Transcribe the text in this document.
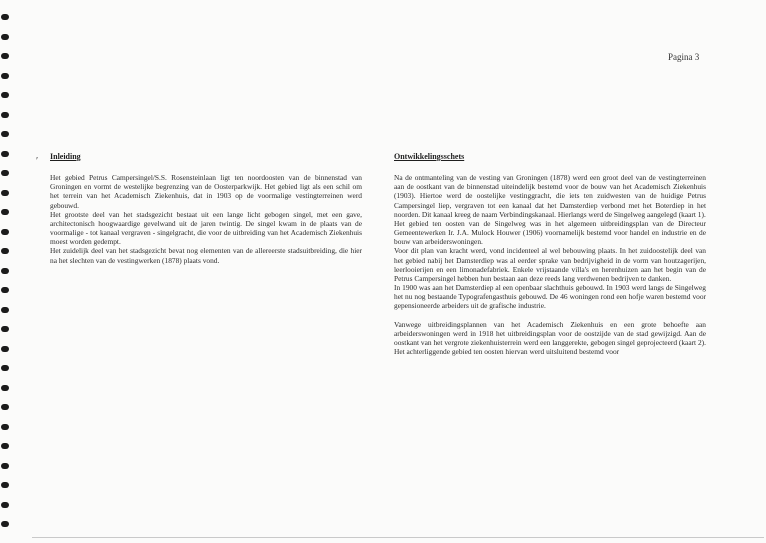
Pagina 3
ʹ Inleiding

Het gebied Petrus Campersingel/S.S. Rosensteinlaan ligt ten noordoosten van de binnenstad van Groningen en vormt de westelijke begrenzing van de Oosterparkwijk. Het gebied ligt als een schil om het terrein van het Academisch Ziekenhuis, dat in 1903 op de voormalige vestingterreinen werd gebouwd.

Het grootste deel van het stadsgezicht bestaat uit een lange licht gebogen singel, met een gave, architectonisch hoogwaardige gevelwand uit de jaren twintig. De singel kwam in de plaats van de voormalige - tot kanaal vergraven - singelgracht, die voor de uitbreiding van het Academisch Ziekenhuis moest worden gedempt.

Het zuidelijk deel van het stadsgezicht bevat nog elementen van de allereerste stadsuitbreiding, die hier na het slechten van de vestingwerken (1878) plaats vond.

Ontwikkelingsschets

Na de ontmanteling van de vesting van Groningen (1878) werd een groot deel van de vestingterreinen aan de oostkant van de binnenstad uiteindelijk bestemd voor de bouw van het Academisch Ziekenhuis (1903). Hiertoe werd de oostelijke vestinggracht, die iets ten zuidwesten van de huidige Petrus Campersingel liep, vergraven tot een kanaal dat het Damsterdiep verbond met het Boterdiep in het noorden. Dit kanaal kreeg de naam Verbindingskanaal. Hierlangs werd de Singelweg aangelegd (kaart 1).

Het gebied ten oosten van de Singelweg was in het algemeen uitbreidingsplan van de Directeur Gemeentewerken Ir. J.A. Mulock Houwer (1906) voornamelijk bestemd voor handel en industrie en de bouw van arbeiderswoningen.

Voor dit plan van kracht werd, vond incidenteel al wel bebouwing plaats. In het zuidoostelijk deel van het gebied nabij het Damsterdiep was al eerder sprake van bedrijvigheid in de vorm van houtzagerijen, leerlooierijen en een limonadefabriek. Enkele vrijstaande villa's en herenhuizen aan het begin van de Petrus Campersingel hebben hun bestaan aan deze reeds lang verdwenen bedrijven te danken.

In 1900 was aan het Damsterdiep al een openbaar slachthuis gebouwd. In 1903 werd langs de Singelweg het nu nog bestaande Typografengasthuis gebouwd. De 46 woningen rond een hofje waren bestemd voor gepensioneerde arbeiders uit de grafische industrie.

Vanwege uitbreidingsplannen van het Academisch Ziekenhuis en een grote behoefte aan arbeiderswoningen werd in 1918 het uitbreidingsplan voor de oostzijde van de stad gewijzigd. Aan de oostkant van het vergrote ziekenhuisterrein werd een langgerekte, gebogen singel geprojecteerd (kaart 2). Het achterliggende gebied ten oosten hiervan werd uitsluitend bestemd voor
